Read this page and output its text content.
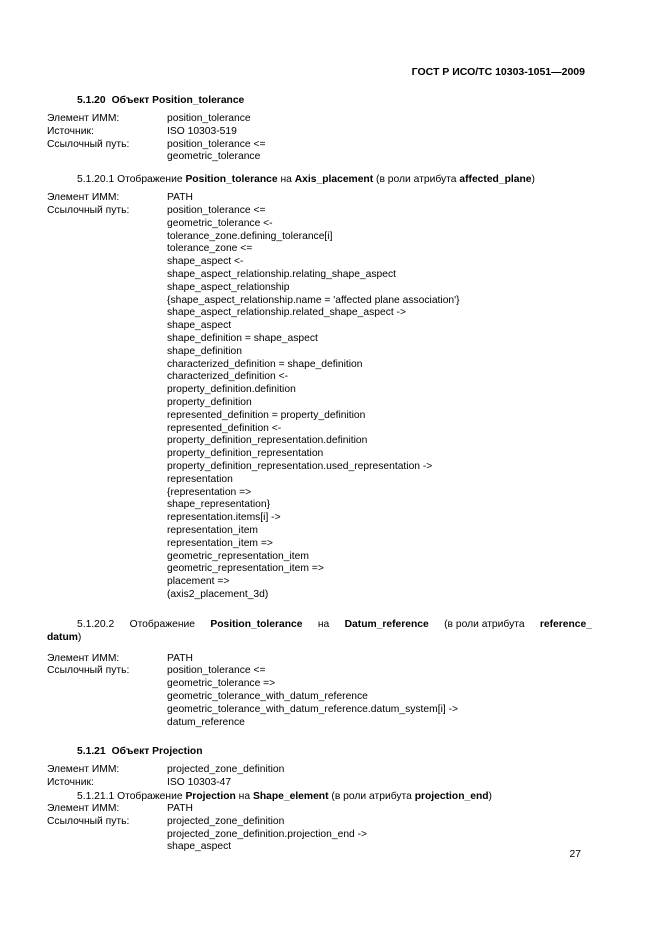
ГОСТ Р ИСО/ТС 10303-1051—2009
5.1.20 Объект Position_tolerance
Элемент ИММ:	position_tolerance
Источник:	ISO 10303-519
Ссылочный путь:	position_tolerance <=
geometric_tolerance
5.1.20.1 Отображение Position_tolerance на Axis_placement (в роли атрибута affected_plane)
Элемент ИММ:	PATH
Ссылочный путь:	position_tolerance <=
geometric_tolerance <-
tolerance_zone.defining_tolerance[i]
tolerance_zone <=
shape_aspect <-
shape_aspect_relationship.relating_shape_aspect
shape_aspect_relationship
{shape_aspect_relationship.name = 'affected plane association'}
shape_aspect_relationship.related_shape_aspect ->
shape_aspect
shape_definition = shape_aspect
shape_definition
characterized_definition = shape_definition
characterized_definition <-
property_definition.definition
property_definition
represented_definition = property_definition
represented_definition <-
property_definition_representation.definition
property_definition_representation
property_definition_representation.used_representation ->
representation
{representation =>
shape_representation}
representation.items[i] ->
representation_item
representation_item =>
geometric_representation_item
geometric_representation_item =>
placement =>
(axis2_placement_3d)
5.1.20.2 Отображение Position_tolerance на Datum_reference (в роли атрибута reference_
datum)
Элемент ИММ:	PATH
Ссылочный путь:	position_tolerance <=
geometric_tolerance =>
geometric_tolerance_with_datum_reference
geometric_tolerance_with_datum_reference.datum_system[i] ->
datum_reference
5.1.21 Объект Projection
Элемент ИММ:	projected_zone_definition
Источник:	ISO 10303-47
5.1.21.1 Отображение Projection на Shape_element (в роли атрибута projection_end)
Элемент ИММ:	PATH
Ссылочный путь:	projected_zone_definition
projected_zone_definition.projection_end ->
shape_aspect
27
